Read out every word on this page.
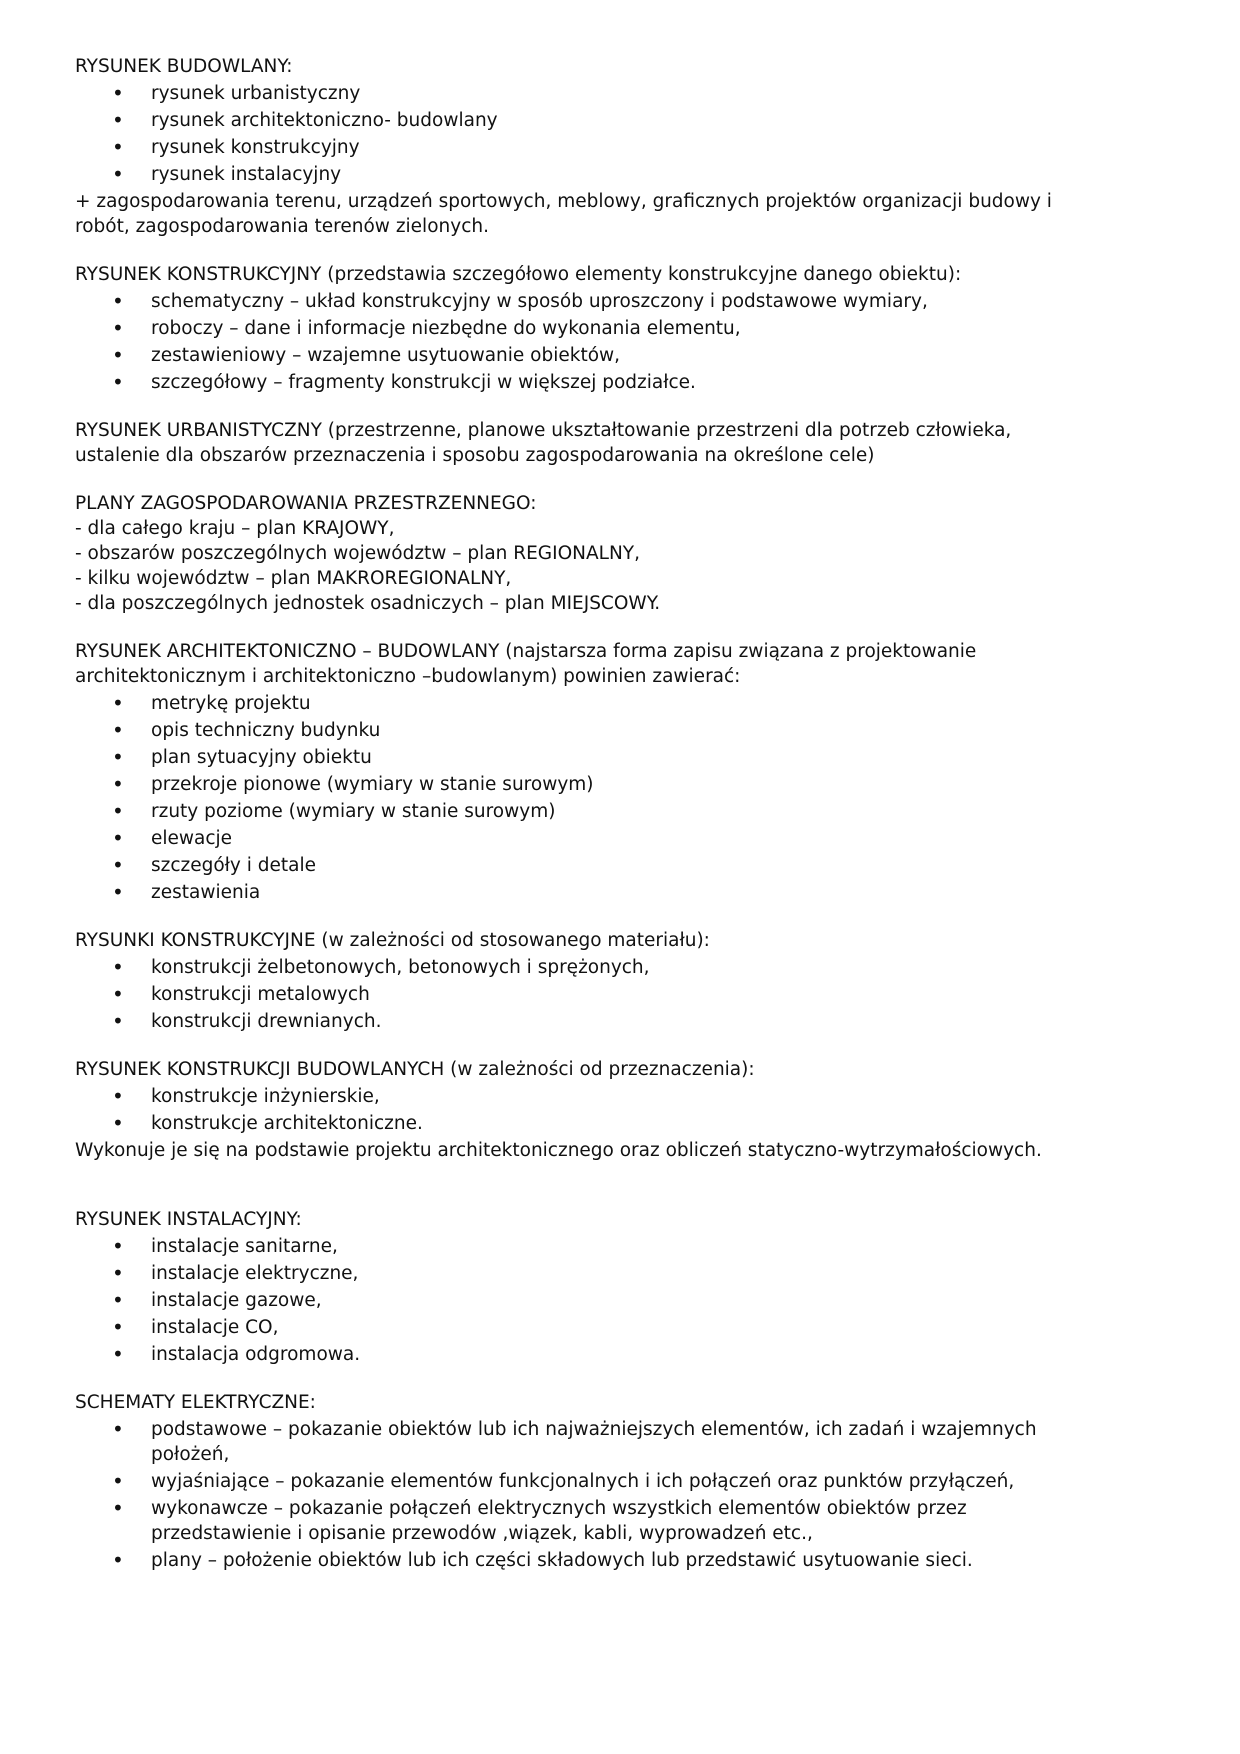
RYSUNEK BUDOWLANY:

• rysunek urbanistyczny
• rysunek architektoniczno- budowlany
• rysunek konstrukcyjny
• rysunek instalacyjny

+ zagospodarowania terenu, urządzeń sportowych, meblowy, graficznych projektów organizacji budowy i robót, zagospodarowania terenów zielonych.

RYSUNEK KONSTRUKCYJNY (przedstawia szczegółowo elementy konstrukcyjne danego obiektu):

• schematyczny – układ konstrukcyjny w sposób uproszczony i podstawowe wymiary,
• roboczy – dane i informacje niezbędne do wykonania elementu,
• zestawieniowy – wzajemne usytuowanie obiektów,
• szczegółowy – fragmenty konstrukcji w większej podziałce.

RYSUNEK URBANISTYCZNY (przestrzenne, planowe ukształtowanie przestrzeni dla potrzeb człowieka, ustalenie dla obszarów przeznaczenia i sposobu zagospodarowania na określone cele)

PLANY ZAGOSPODAROWANIA PRZESTRZENNEGO:

- dla całego kraju – plan KRAJOWY,

- obszarów poszczególnych województw – plan REGIONALNY,

- kilku województw – plan MAKROREGIONALNY,

- dla poszczególnych jednostek osadniczych – plan MIEJSCOWY.

RYSUNEK ARCHITEKTONICZNO – BUDOWLANY (najstarsza forma zapisu związana z projektowanie architektonicznym i architektoniczno –budowlanym) powinien zawierać:

• metrykę projektu
• opis techniczny budynku
• plan sytuacyjny obiektu
• przekroje pionowe (wymiary w stanie surowym)
• rzuty poziome (wymiary w stanie surowym)
• elewacje
• szczegóły i detale
• zestawienia

RYSUNKI KONSTRUKCYJNE (w zależności od stosowanego materiału):

• konstrukcji żelbetonowych, betonowych i sprężonych,
• konstrukcji metalowych
• konstrukcji drewnianych.

RYSUNEK KONSTRUKCJI BUDOWLANYCH (w zależności od przeznaczenia):

• konstrukcje inżynierskie,
• konstrukcje architektoniczne.

Wykonuje je się na podstawie projektu architektonicznego oraz obliczeń statyczno-wytrzymałościowych.

RYSUNEK INSTALACYJNY:

• instalacje sanitarne,
• instalacje elektryczne,
• instalacje gazowe,
• instalacje CO,
• instalacja odgromowa.

SCHEMATY ELEKTRYCZNE:

• podstawowe – pokazanie obiektów lub ich najważniejszych elementów, ich zadań i wzajemnych położeń,
• wyjaśniające – pokazanie elementów funkcjonalnych i ich połączeń oraz punktów przyłączeń,
• wykonawcze – pokazanie połączeń elektrycznych wszystkich elementów obiektów przez przedstawienie i opisanie przewodów ,wiązek, kabli, wyprowadzeń etc.,
• plany – położenie obiektów lub ich części składowych lub przedstawić usytuowanie sieci.
